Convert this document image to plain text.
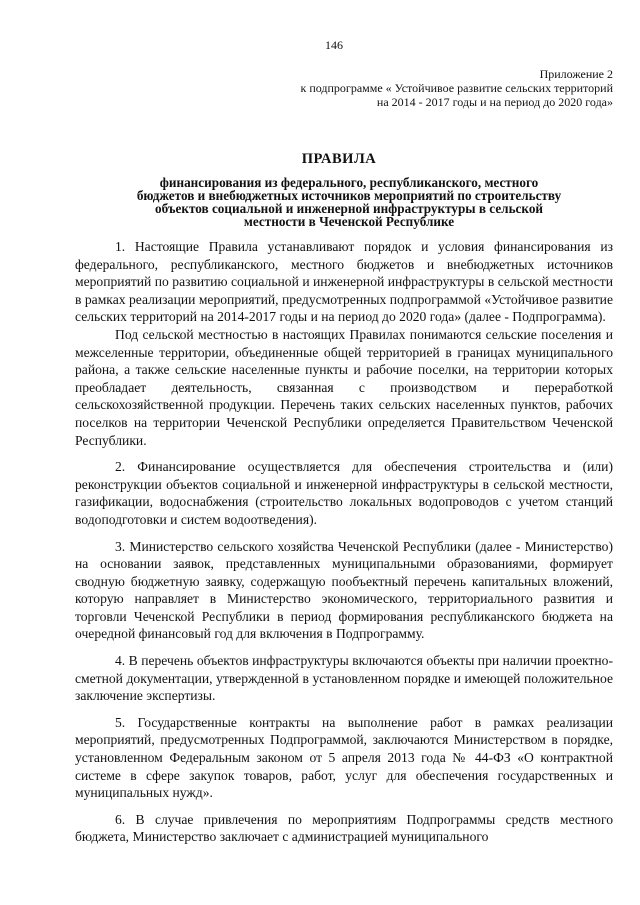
146
Приложение 2
к подпрограмме « Устойчивое развитие сельских территорий
на 2014 - 2017 годы и на период до 2020 года»
ПРАВИЛА
финансирования из федерального, республиканского, местного
бюджетов и внебюджетных источников мероприятий по строительству
объектов социальной и инженерной инфраструктуры в сельской
местности в Чеченской Республике

1. Настоящие Правила устанавливают порядок и условия финансирования из федерального, республиканского, местного бюджетов и внебюджетных источников мероприятий по развитию социальной и инженерной инфраструктуры в сельской местности в рамках реализации мероприятий, предусмотренных подпрограммой «Устойчивое развитие сельских территорий на 2014-2017 годы и на период до 2020 года» (далее - Подпрограмма).

Под сельской местностью в настоящих Правилах понимаются сельские поселения и межселенные территории, объединенные общей территорией в границах муниципального района, а также сельские населенные пункты и рабочие поселки, на территории которых преобладает деятельность, связанная с производством и переработкой сельскохозяйственной продукции. Перечень таких сельских населенных пунктов, рабочих поселков на территории Чеченской Республики определяется Правительством Чеченской Республики.

2. Финансирование осуществляется для обеспечения строительства и (или) реконструкции объектов социальной и инженерной инфраструктуры в сельской местности, газификации, водоснабжения (строительство локальных водопроводов с учетом станций водоподготовки и систем водоотведения).

3. Министерство сельского хозяйства Чеченской Республики (далее - Министерство) на основании заявок, представленных муниципальными образованиями, формирует сводную бюджетную заявку, содержащую пообъектный перечень капитальных вложений, которую направляет в Министерство экономического, территориального развития и торговли Чеченской Республики в период формирования республиканского бюджета на очередной финансовый год для включения в Подпрограмму.

4. В перечень объектов инфраструктуры включаются объекты при наличии проектно-сметной документации, утвержденной в установленном порядке и имеющей положительное заключение экспертизы.

5. Государственные контракты на выполнение работ в рамках реализации мероприятий, предусмотренных Подпрограммой, заключаются Министерством в порядке, установленном Федеральным законом от 5 апреля 2013 года № 44-ФЗ «О контрактной системе в сфере закупок товаров, работ, услуг для обеспечения государственных и муниципальных нужд».

6. В случае привлечения по мероприятиям Подпрограммы средств местного бюджета, Министерство заключает с администрацией муниципального
